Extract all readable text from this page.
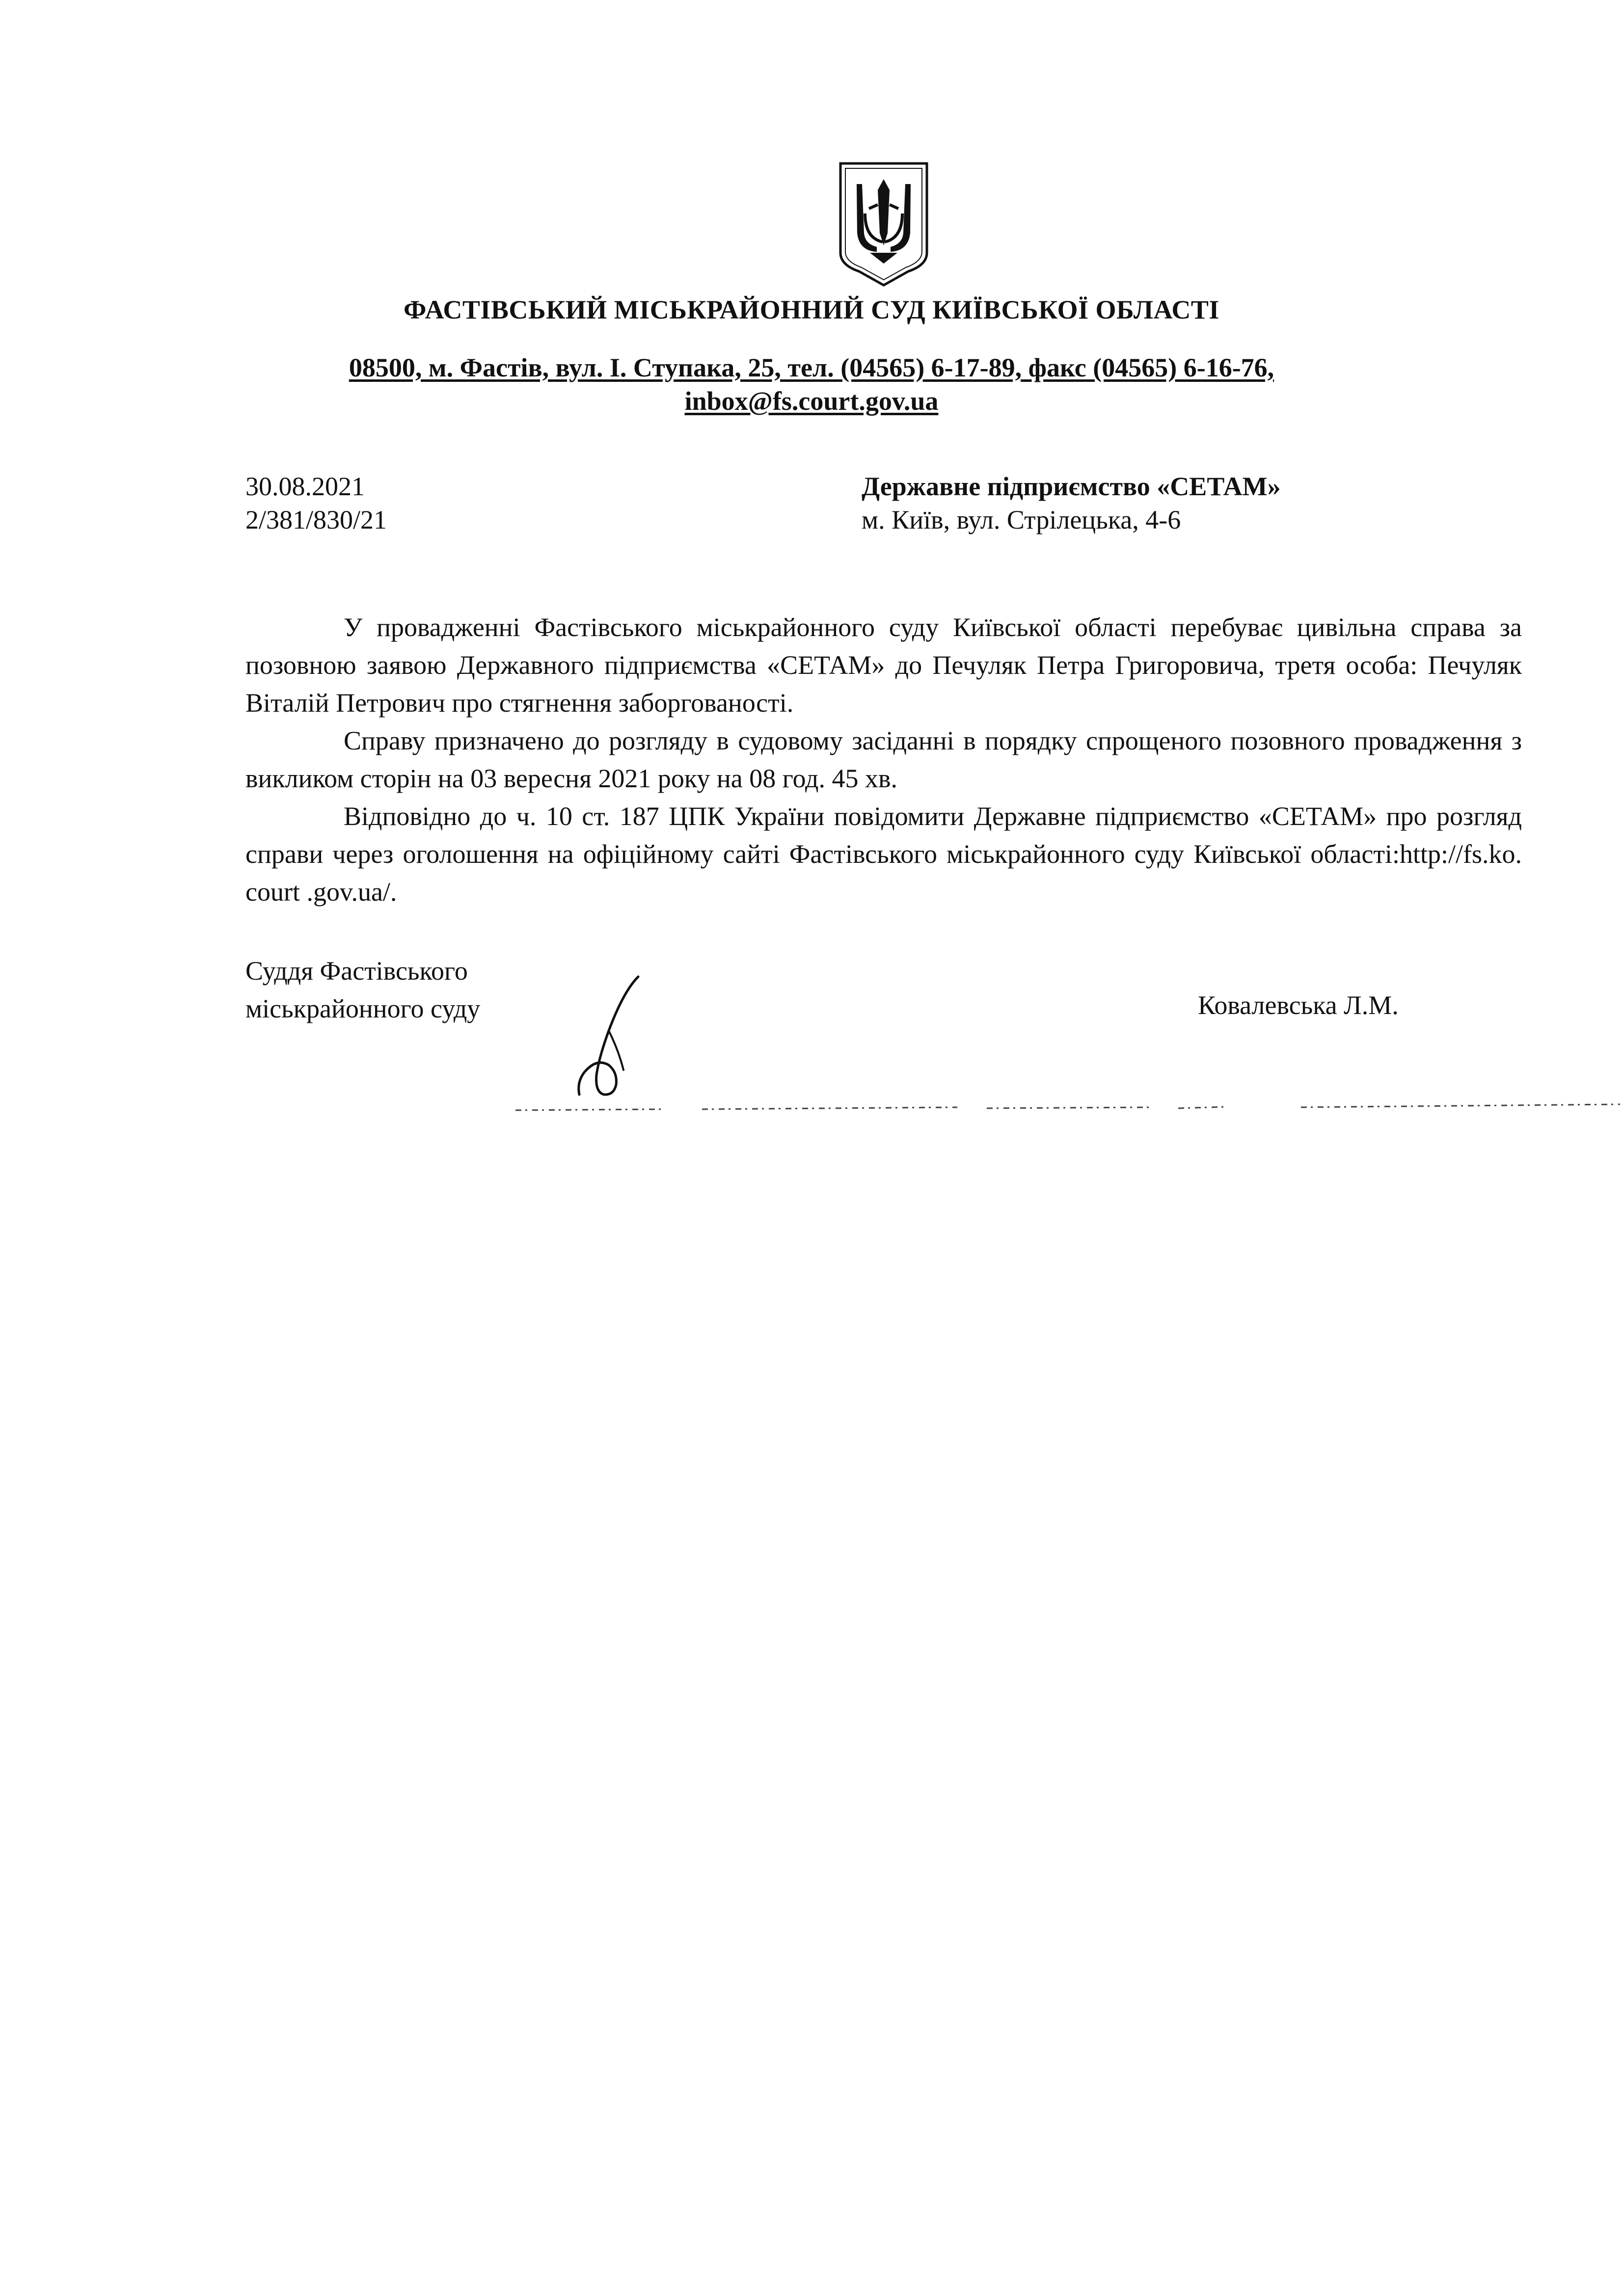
ФАСТІВСЬКИЙ МІСЬКРАЙОННИЙ СУД КИЇВСЬКОЇ ОБЛАСТІ
08500, м. Фастів, вул. І. Ступака, 25, тел. (04565) 6-17-89, факс (04565) 6-16-76,
inbox@fs.court.gov.ua
30.08.2021
2/381/830/21
Державне підприємство «СЕТАМ»
м. Київ, вул. Стрілецька, 4-6

У провадженні Фастівського міськрайонного суду Київської області перебуває цивільна справа за позовною заявою Державного підприємства «СЕТАМ» до Печуляк Петра Григоровича, третя особа: Печуляк Віталій Петрович про стягнення заборгованості.

Справу призначено до розгляду в судовому засіданні в порядку спрощеного позовного провадження з викликом сторін на 03 вересня 2021 року на 08 год. 45 хв.

Відповідно до ч. 10 ст. 187 ЦПК України повідомити Державне підприємство «СЕТАМ» про розгляд справи через оголошення на офіційному сайті Фастівського міськрайонного суду Київської області:http://fs.ko. court .gov.ua/.

Суддя Фастівського
міськрайонного суду	Ковалевська Л.М.
